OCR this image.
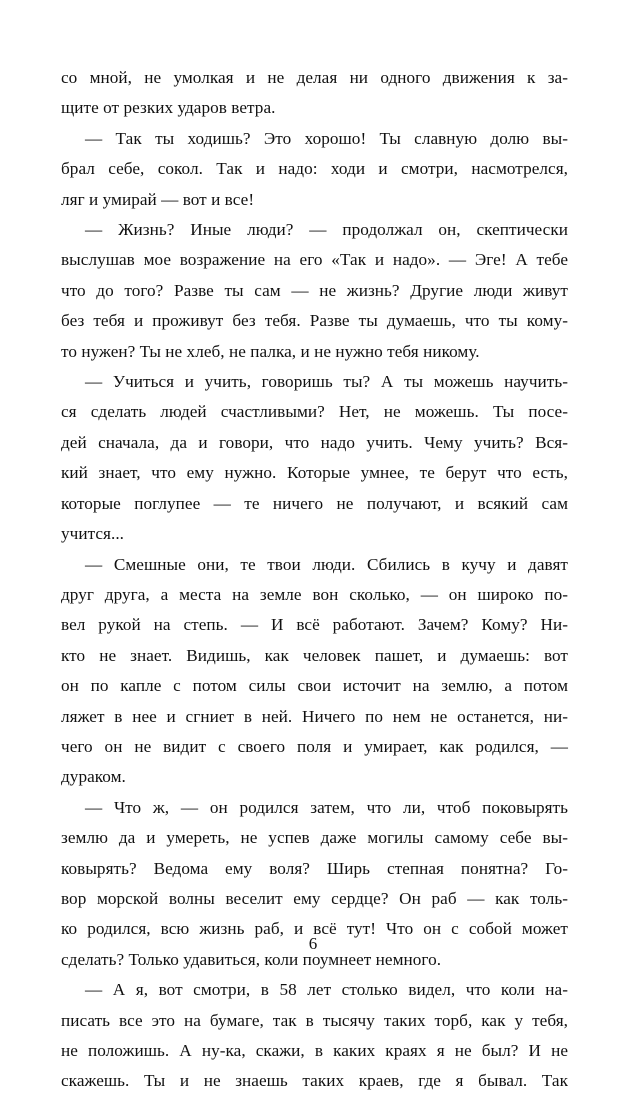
со мной, не умолкая и не делая ни одного движения к за-
щите от резких ударов ветра.
— Так ты ходишь? Это хорошо! Ты славную долю вы-
брал себе, сокол. Так и надо: ходи и смотри, насмотрелся,
ляг и умирай — вот и все!
— Жизнь? Иные люди? — продолжал он, скептически
выслушав мое возражение на его «Так и надо». — Эге! А тебе
что до того? Разве ты сам — не жизнь? Другие люди живут
без тебя и проживут без тебя. Разве ты думаешь, что ты кому-
то нужен? Ты не хлеб, не палка, и не нужно тебя никому.
— Учиться и учить, говоришь ты? А ты можешь научить-
ся сделать людей счастливыми? Нет, не можешь. Ты посе-
дей сначала, да и говори, что надо учить. Чему учить? Вся-
кий знает, что ему нужно. Которые умнее, те берут что есть,
которые поглупее — те ничего не получают, и всякий сам
учится...
— Смешные они, те твои люди. Сбились в кучу и давят
друг друга, а места на земле вон сколько, — он широко по-
вел рукой на степь. — И всё работают. Зачем? Кому? Ни-
кто не знает. Видишь, как человек пашет, и думаешь: вот
он по капле с потом силы свои источит на землю, а потом
ляжет в нее и сгниет в ней. Ничего по нем не останется, ни-
чего он не видит с своего поля и умирает, как родился, —
дураком.
— Что ж, — он родился затем, что ли, чтоб поковырять
землю да и умереть, не успев даже могилы самому себе вы-
ковырять? Ведома ему воля? Ширь степная понятна? Го-
вор морской волны веселит ему сердце? Он раб — как толь-
ко родился, всю жизнь раб, и всё тут! Что он с собой может
сделать? Только удавиться, коли поумнеет немного.
— А я, вот смотри, в 58 лет столько видел, что коли на-
писать все это на бумаге, так в тысячу таких торб, как у тебя,
не положишь. А ну-ка, скажи, в каких краях я не был? И не
скажешь. Ты и не знаешь таких краев, где я бывал. Так
6
